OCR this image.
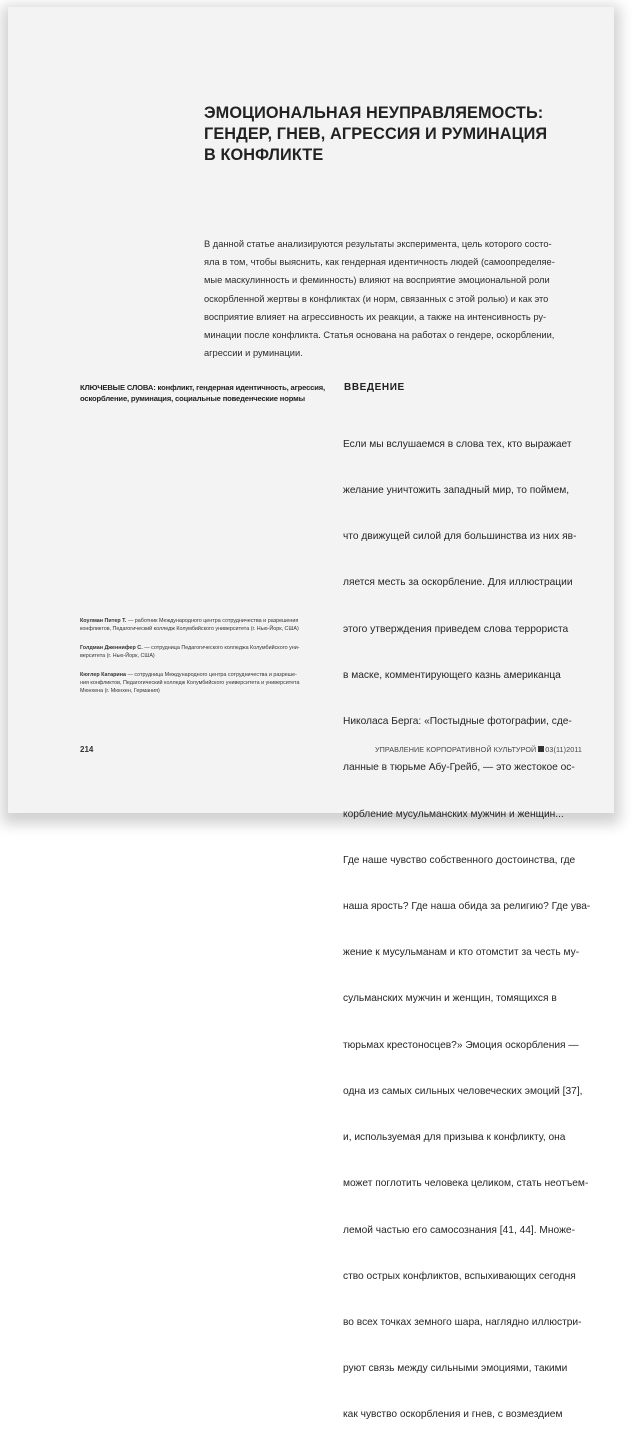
ЭМОЦИОНАЛЬНАЯ НЕУПРАВЛЯЕМОСТЬ:
ГЕНДЕР, ГНЕВ, АГРЕССИЯ И РУМИНАЦИЯ
В КОНФЛИКТЕ

В данной статье анализируются результаты эксперимента, цель которого состо-
яла в том, чтобы выяснить, как гендерная идентичность людей (самоопределяе-
мые маскулинность и феминность) влияют на восприятие эмоциональной роли
оскорбленной жертвы в конфликтах (и норм, связанных с этой ролью) и как это
восприятие влияет на агрессивность их реакции, а также на интенсивность ру-
минации после конфликта. Статья основана на работах о гендере, оскорблении,
агрессии и руминации.

КЛЮЧЕВЫЕ СЛОВА: конфликт, гендерная идентичность, агрессия,
оскорбление, руминация, социальные поведенческие нормы
ВВЕДЕНИЕ

Если мы вслушаемся в слова тех, кто выражает

желание уничтожить западный мир, то поймем,

что движущей силой для большинства из них яв-

ляется месть за оскорбление. Для иллюстрации

этого утверждения приведем слова террориста

в маске, комментирующего казнь американца

Николаса Берга: «Постыдные фотографии, сде-

ланные в тюрьме Абу-Грейб, — это жестокое ос-

корбление мусульманских мужчин и женщин...

Где наше чувство собственного достоинства, где

наша ярость? Где наша обида за религию? Где ува-

жение к мусульманам и кто отомстит за честь му-

сульманских мужчин и женщин, томящихся в

тюрьмах крестоносцев?» Эмоция оскорбления —

одна из самых сильных человеческих эмоций [37],

и, используемая для призыва к конфликту, она

может поглотить человека целиком, стать неотъем-

лемой частью его самосознания [41, 44]. Множе-

ство острых конфликтов, вспыхивающих сегодня

во всех точках земного шара, наглядно иллюстри-

руют связь между сильными эмоциями, такими

как чувство оскорбления и гнев, с возмездием

Коулман Питер Т. — работник Международного центра сотрудничества и разрешения
конфликтов, Педагогический колледж Колумбийского университета (г. Нью-Йорк, США)
Голдман Дженнифер С. — сотрудница Педагогического колледжа Колумбийского уни-
верситета (г. Нью-Йорк, США)
Кюглер Катарина — сотрудница Международного центра сотрудничества и разреше-
ния конфликтов, Педагогический колледж Колумбийского университета и университета
Мюнхена (г. Мюнхен, Германия)
214	УПРАВЛЕНИЕ КОРПОРАТИВНОЙ КУЛЬТУРОЙ 03(11)2011
